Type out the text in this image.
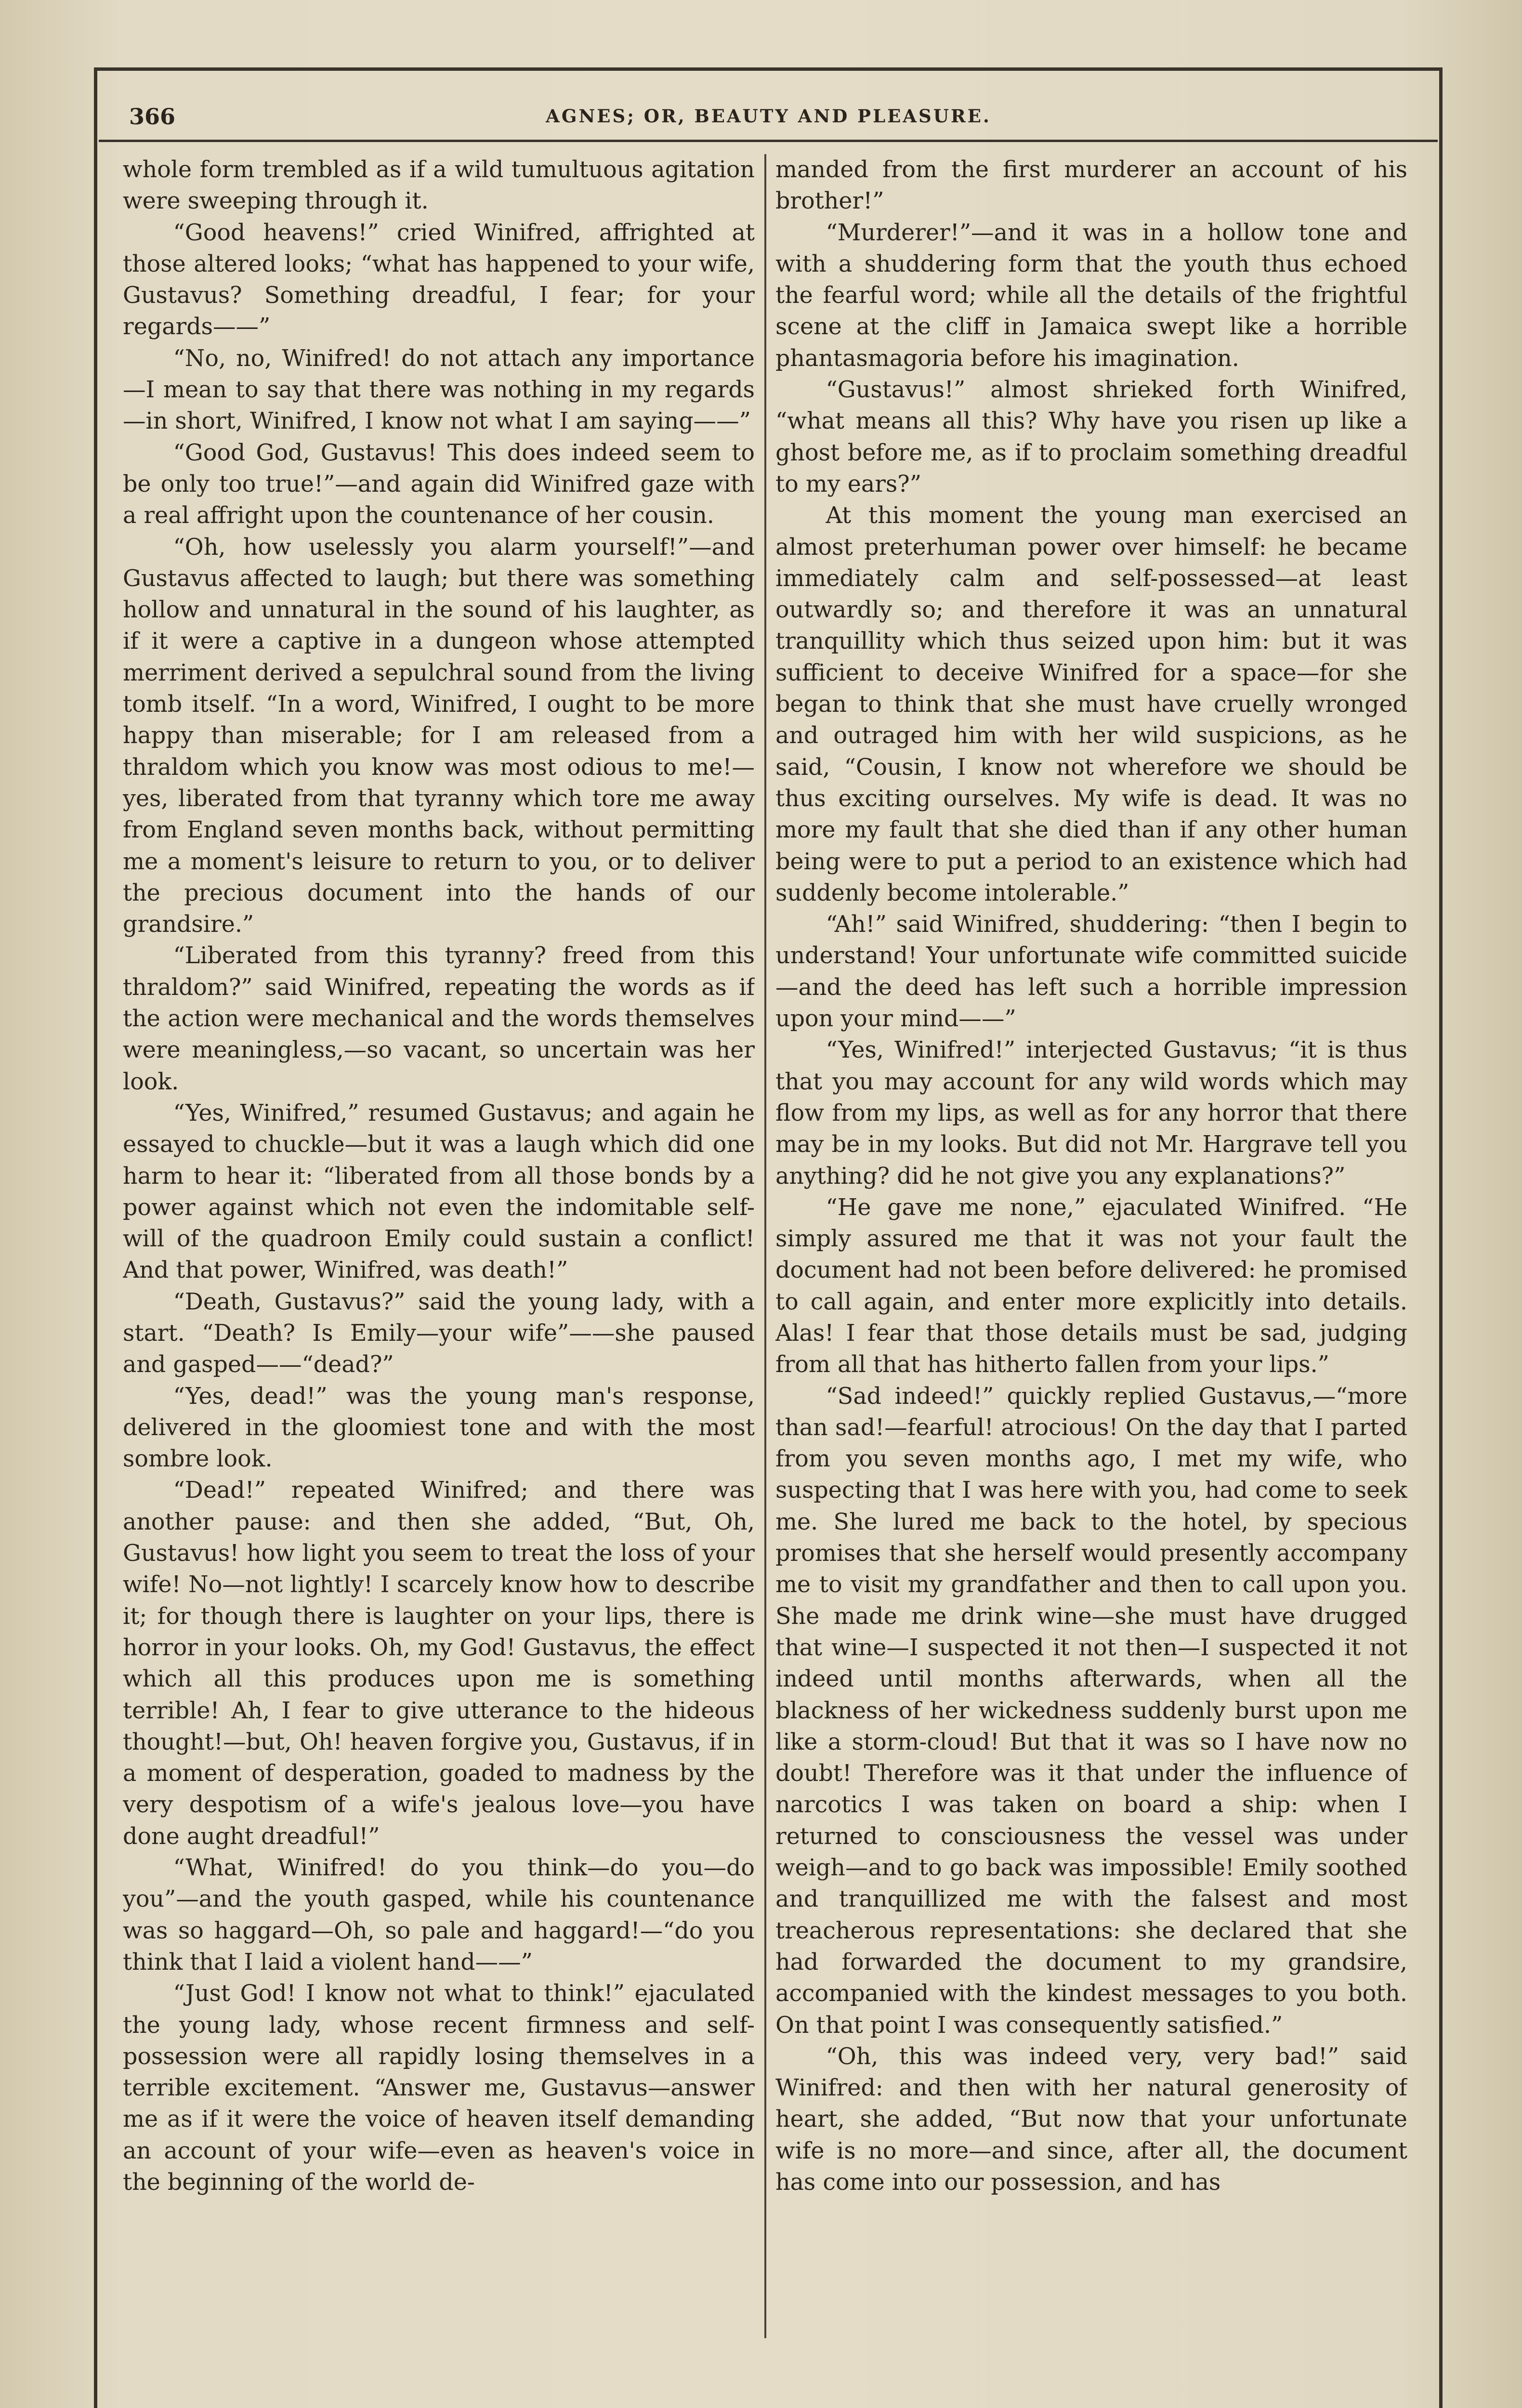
366	AGNES; OR, BEAUTY AND PLEASURE.

whole form trembled as if a wild tumultuous agitation were sweeping through it.

“Good heavens!” cried Winifred, affrighted at those altered looks; “what has happened to your wife, Gustavus? Something dreadful, I fear; for your regards——”

“No, no, Winifred! do not attach any importance—I mean to say that there was nothing in my regards—in short, Winifred, I know not what I am saying——”

“Good God, Gustavus! This does indeed seem to be only too true!”—and again did Winifred gaze with a real affright upon the countenance of her cousin.

“Oh, how uselessly you alarm yourself!”—and Gustavus affected to laugh; but there was something hollow and unnatural in the sound of his laughter, as if it were a captive in a dungeon whose attempted merriment derived a sepulchral sound from the living tomb itself. “In a word, Winifred, I ought to be more happy than miserable; for I am released from a thraldom which you know was most odious to me!—yes, liberated from that tyranny which tore me away from England seven months back, without permitting me a moment's leisure to return to you, or to deliver the precious document into the hands of our grandsire.”

“Liberated from this tyranny? freed from this thraldom?” said Winifred, repeating the words as if the action were mechanical and the words themselves were meaningless,—so vacant, so uncertain was her look.

“Yes, Winifred,” resumed Gustavus; and again he essayed to chuckle—but it was a laugh which did one harm to hear it: “liberated from all those bonds by a power against which not even the indomitable self-will of the quadroon Emily could sustain a conflict! And that power, Winifred, was death!”

“Death, Gustavus?” said the young lady, with a start. “Death? Is Emily—your wife”——she paused and gasped——“dead?”

“Yes, dead!” was the young man's response, delivered in the gloomiest tone and with the most sombre look.

“Dead!” repeated Winifred; and there was another pause: and then she added, “But, Oh, Gustavus! how light you seem to treat the loss of your wife! No—not lightly! I scarcely know how to describe it; for though there is laughter on your lips, there is horror in your looks. Oh, my God! Gustavus, the effect which all this produces upon me is something terrible! Ah, I fear to give utterance to the hideous thought!—but, Oh! heaven forgive you, Gustavus, if in a moment of desperation, goaded to madness by the very despotism of a wife's jealous love—you have done aught dreadful!”

“What, Winifred! do you think—do you—do you”—and the youth gasped, while his countenance was so haggard—Oh, so pale and haggard!—“do you think that I laid a violent hand——”

“Just God! I know not what to think!” ejaculated the young lady, whose recent firmness and self-possession were all rapidly losing themselves in a terrible excitement. “Answer me, Gustavus—answer me as if it were the voice of heaven itself demanding an account of your wife—even as heaven's voice in the beginning of the world de-

manded from the first murderer an account of his brother!”

“Murderer!”—and it was in a hollow tone and with a shuddering form that the youth thus echoed the fearful word; while all the details of the frightful scene at the cliff in Jamaica swept like a horrible phantasmagoria before his imagination.

“Gustavus!” almost shrieked forth Winifred, “what means all this? Why have you risen up like a ghost before me, as if to proclaim something dreadful to my ears?”

At this moment the young man exercised an almost preterhuman power over himself: he became immediately calm and self-possessed—at least outwardly so; and therefore it was an unnatural tranquillity which thus seized upon him: but it was sufficient to deceive Winifred for a space—for she began to think that she must have cruelly wronged and outraged him with her wild suspicions, as he said, “Cousin, I know not wherefore we should be thus exciting ourselves. My wife is dead. It was no more my fault that she died than if any other human being were to put a period to an existence which had suddenly become intolerable.”

“Ah!” said Winifred, shuddering: “then I begin to understand! Your unfortunate wife committed suicide—and the deed has left such a horrible impression upon your mind——”

“Yes, Winifred!” interjected Gustavus; “it is thus that you may account for any wild words which may flow from my lips, as well as for any horror that there may be in my looks. But did not Mr. Hargrave tell you anything? did he not give you any explanations?”

“He gave me none,” ejaculated Winifred. “He simply assured me that it was not your fault the document had not been before delivered: he promised to call again, and enter more explicitly into details. Alas! I fear that those details must be sad, judging from all that has hitherto fallen from your lips.”

“Sad indeed!” quickly replied Gustavus,—“more than sad!—fearful! atrocious! On the day that I parted from you seven months ago, I met my wife, who suspecting that I was here with you, had come to seek me. She lured me back to the hotel, by specious promises that she herself would presently accompany me to visit my grandfather and then to call upon you. She made me drink wine—she must have drugged that wine—I suspected it not then—I suspected it not indeed until months afterwards, when all the blackness of her wickedness suddenly burst upon me like a storm-cloud! But that it was so I have now no doubt! Therefore was it that under the influence of narcotics I was taken on board a ship: when I returned to consciousness the vessel was under weigh—and to go back was impossible! Emily soothed and tranquillized me with the falsest and most treacherous representations: she declared that she had forwarded the document to my grandsire, accompanied with the kindest messages to you both. On that point I was consequently satisfied.”

“Oh, this was indeed very, very bad!” said Winifred: and then with her natural generosity of heart, she added, “But now that your unfortunate wife is no more—and since, after all, the document has come into our possession, and has
